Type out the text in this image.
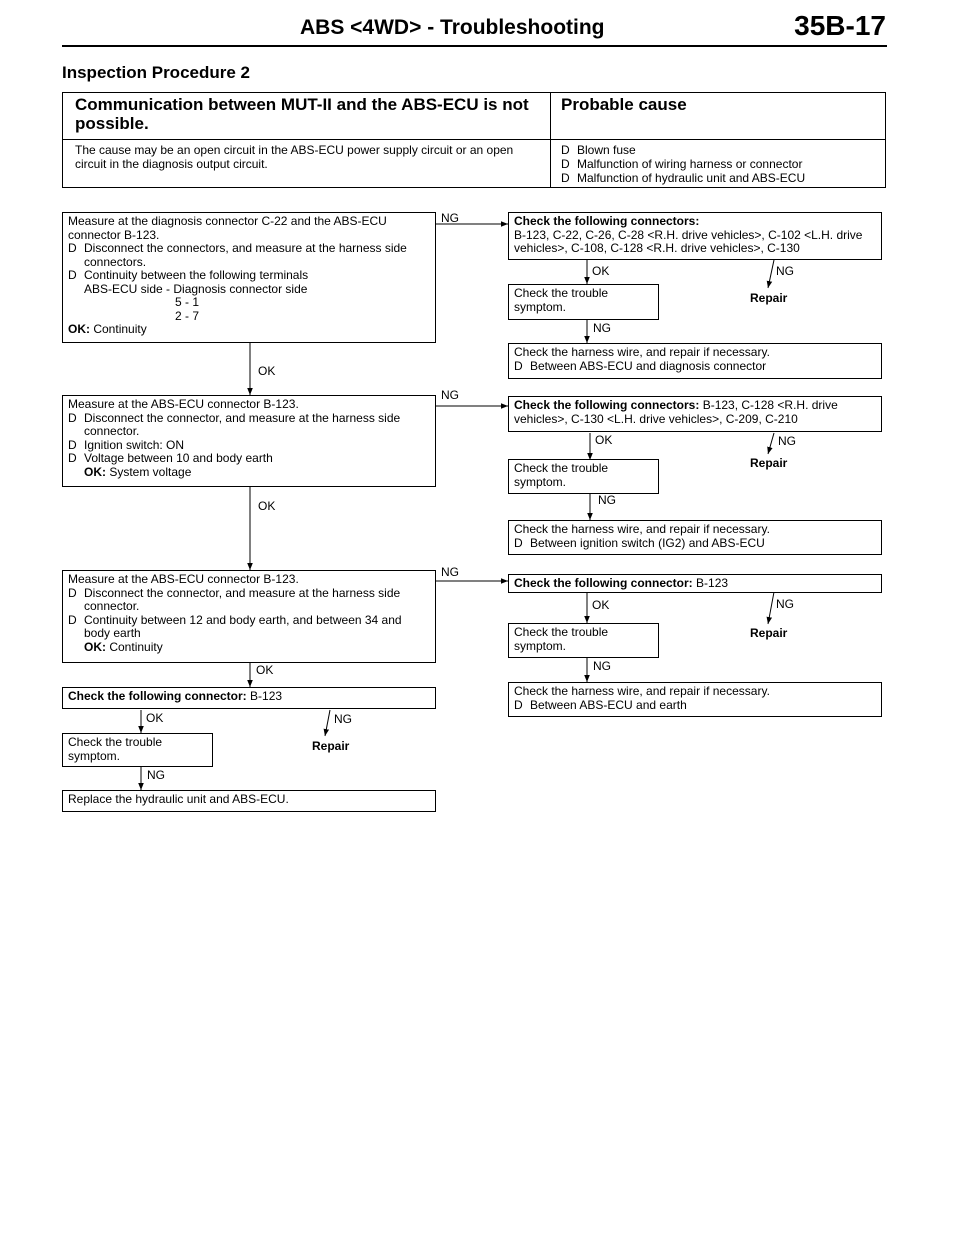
ABS <4WD> - Troubleshooting	35B-17
Inspection Procedure 2
Communication between MUT-II and the ABS-ECU is not possible.
Probable cause
The cause may be an open circuit in the ABS-ECU power supply circuit or an open circuit in the diagnosis output circuit.
D Blown fuse
D Malfunction of wiring harness or connector
D Malfunction of hydraulic unit and ABS-ECU
Measure at the diagnosis connector C-22 and the ABS-ECU
connector B-123.
D Disconnect the connectors, and measure at the harness side connectors.
D Continuity between the following terminals
ABS-ECU side - Diagnosis connector side
5 - 1
2 - 7
OK: Continuity
NG	Check the following connectors:
B-123, C-22, C-26, C-28 <R.H. drive vehicles>, C-102 <L.H. drive vehicles>, C-108, C-128 <R.H. drive vehicles>, C-130
OK	NG
Check the trouble symptom.
Repair
NG
Check the harness wire, and repair if necessary.
D Between ABS-ECU and diagnosis connector
OK
Measure at the ABS-ECU connector B-123.
D Disconnect the connector, and measure at the harness side connector.
D Ignition switch: ON
D Voltage between 10 and body earth
OK: System voltage
NG
Check the following connectors: B-123, C-128 <R.H. drive vehicles>, C-130 <L.H. drive vehicles>, C-209, C-210
OK	NG
Check the trouble symptom.
Repair
NG
Check the harness wire, and repair if necessary.
D Between ignition switch (IG2) and ABS-ECU
OK
Measure at the ABS-ECU connector B-123.
D Disconnect the connector, and measure at the harness side connector.
D Continuity between 12 and body earth, and between 34 and body earth
OK: Continuity
NG
Check the following connector: B-123
OK	NG
Check the trouble symptom.
Repair
NG
Check the harness wire, and repair if necessary.
D Between ABS-ECU and earth
OK
Check the following connector: B-123
OK	NG
Check the trouble symptom.
Repair
NG
Replace the hydraulic unit and ABS-ECU.
